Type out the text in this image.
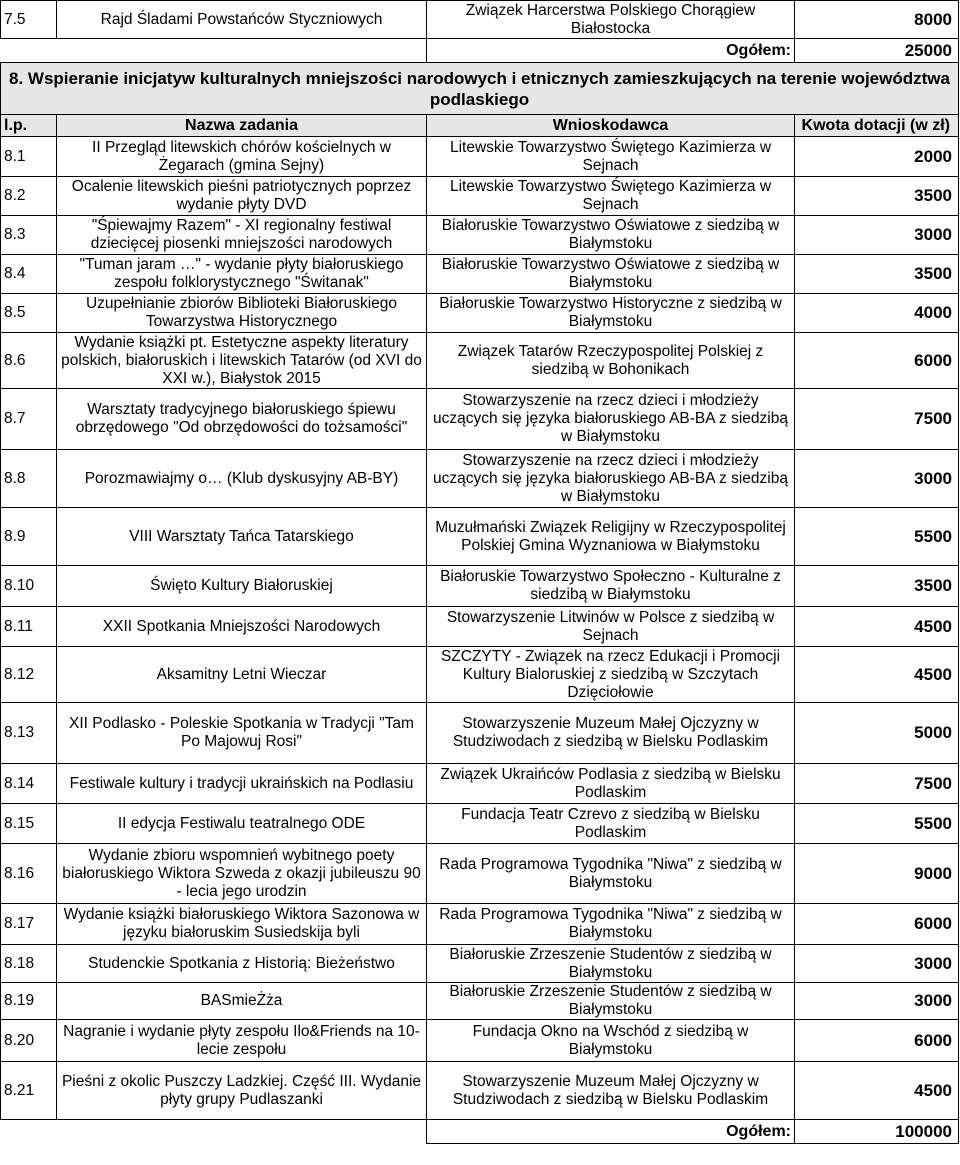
7.5	Rajd Śladami Powstańców Styczniowych	Związek Harcerstwa Polskiego Chorągiew Białostocka	8000
		Ogółem:	25000
8. Wspieranie inicjatyw kulturalnych mniejszości narodowych i etnicznych zamieszkujących na terenie województwa podlaskiego			
l.p.	Nazwa zadania	Wnioskodawca	Kwota dotacji (w zł)
8.1	II Przegląd litewskich chórów kościelnych w Żegarach (gmina Sejny)	Litewskie Towarzystwo Świętego Kazimierza w Sejnach	2000
8.2	Ocalenie litewskich pieśni patriotycznych poprzez wydanie płyty DVD	Litewskie Towarzystwo Świętego Kazimierza w Sejnach	3500
8.3	"Śpiewajmy Razem" - XI regionalny festiwal dziecięcej piosenki mniejszości narodowych	Białoruskie Towarzystwo Oświatowe z siedzibą w Białymstoku	3000
8.4	"Tuman jaram …" - wydanie płyty białoruskiego zespołu folklorystycznego "Świtanak"	Białoruskie Towarzystwo Oświatowe z siedzibą w Białymstoku	3500
8.5	Uzupełnianie zbiorów Biblioteki Białoruskiego Towarzystwa Historycznego	Białoruskie Towarzystwo Historyczne z siedzibą w Białymstoku	4000
8.6	Wydanie książki pt. Estetyczne aspekty literatury polskich, białoruskich i litewskich Tatarów (od XVI do XXI w.), Białystok 2015	Związek Tatarów Rzeczypospolitej Polskiej z siedzibą w Bohonikach	6000
8.7	Warsztaty tradycyjnego białoruskiego śpiewu obrzędowego "Od obrzędowości do tożsamości"	Stowarzyszenie na rzecz dzieci i młodzieży uczących się języka białoruskiego AB-BA z siedzibą w Białymstoku	7500
8.8	Porozmawiajmy o… (Klub dyskusyjny AB-BY)	Stowarzyszenie na rzecz dzieci i młodzieży uczących się języka białoruskiego AB-BA z siedzibą w Białymstoku	3000
8.9	VIII Warsztaty Tańca Tatarskiego	Muzułmański Związek Religijny w Rzeczypospolitej Polskiej Gmina Wyznaniowa w Białymstoku	5500
8.10	Święto Kultury Białoruskiej	Białoruskie Towarzystwo Społeczno - Kulturalne z siedzibą w Białymstoku	3500
8.11	XXII Spotkania Mniejszości Narodowych	Stowarzyszenie Litwinów w Polsce z siedzibą w Sejnach	4500
8.12	Aksamitny Letni Wieczar	SZCZYTY - Związek na rzecz Edukacji i Promocji Kultury Bialoruskiej z siedzibą w Szczytach Dzięciołowie	4500
8.13	XII Podlasko - Poleskie Spotkania w Tradycji "Tam Po Majowuj Rosi"	Stowarzyszenie Muzeum Małej Ojczyzny w Studziwodach z siedzibą w Bielsku Podlaskim	5000
8.14	Festiwale kultury i tradycji ukraińskich na Podlasiu	Związek Ukraińców Podlasia z siedzibą w Bielsku Podlaskim	7500
8.15	II edycja Festiwalu teatralnego ODE	Fundacja Teatr Czrevo z siedzibą w Bielsku Podlaskim	5500
8.16	Wydanie zbioru wspomnień wybitnego poety białoruskiego Wiktora Szweda z okazji jubileuszu 90 - lecia jego urodzin	Rada Programowa Tygodnika "Niwa" z siedzibą w Białymstoku	9000
8.17	Wydanie książki białoruskiego Wiktora Sazonowa w języku białoruskim Susiedskija byli	Rada Programowa Tygodnika "Niwa" z siedzibą w Białymstoku	6000
8.18	Studenckie Spotkania z Historią: Bieżeństwo	Białoruskie Zrzeszenie Studentów z siedzibą w Białymstoku	3000
8.19	BASmieŻża	Białoruskie Zrzeszenie Studentów z siedzibą w Białymstoku	3000
8.20	Nagranie i wydanie płyty zespołu Ilo&Friends na 10-lecie zespołu	Fundacja Okno na Wschód z siedzibą w Białymstoku	6000
8.21	Pieśni z okolic Puszczy Ladzkiej. Część III. Wydanie płyty grupy Pudlaszanki	Stowarzyszenie Muzeum Małej Ojczyzny w Studziwodach z siedzibą w Bielsku Podlaskim	4500
		Ogółem:	100000
